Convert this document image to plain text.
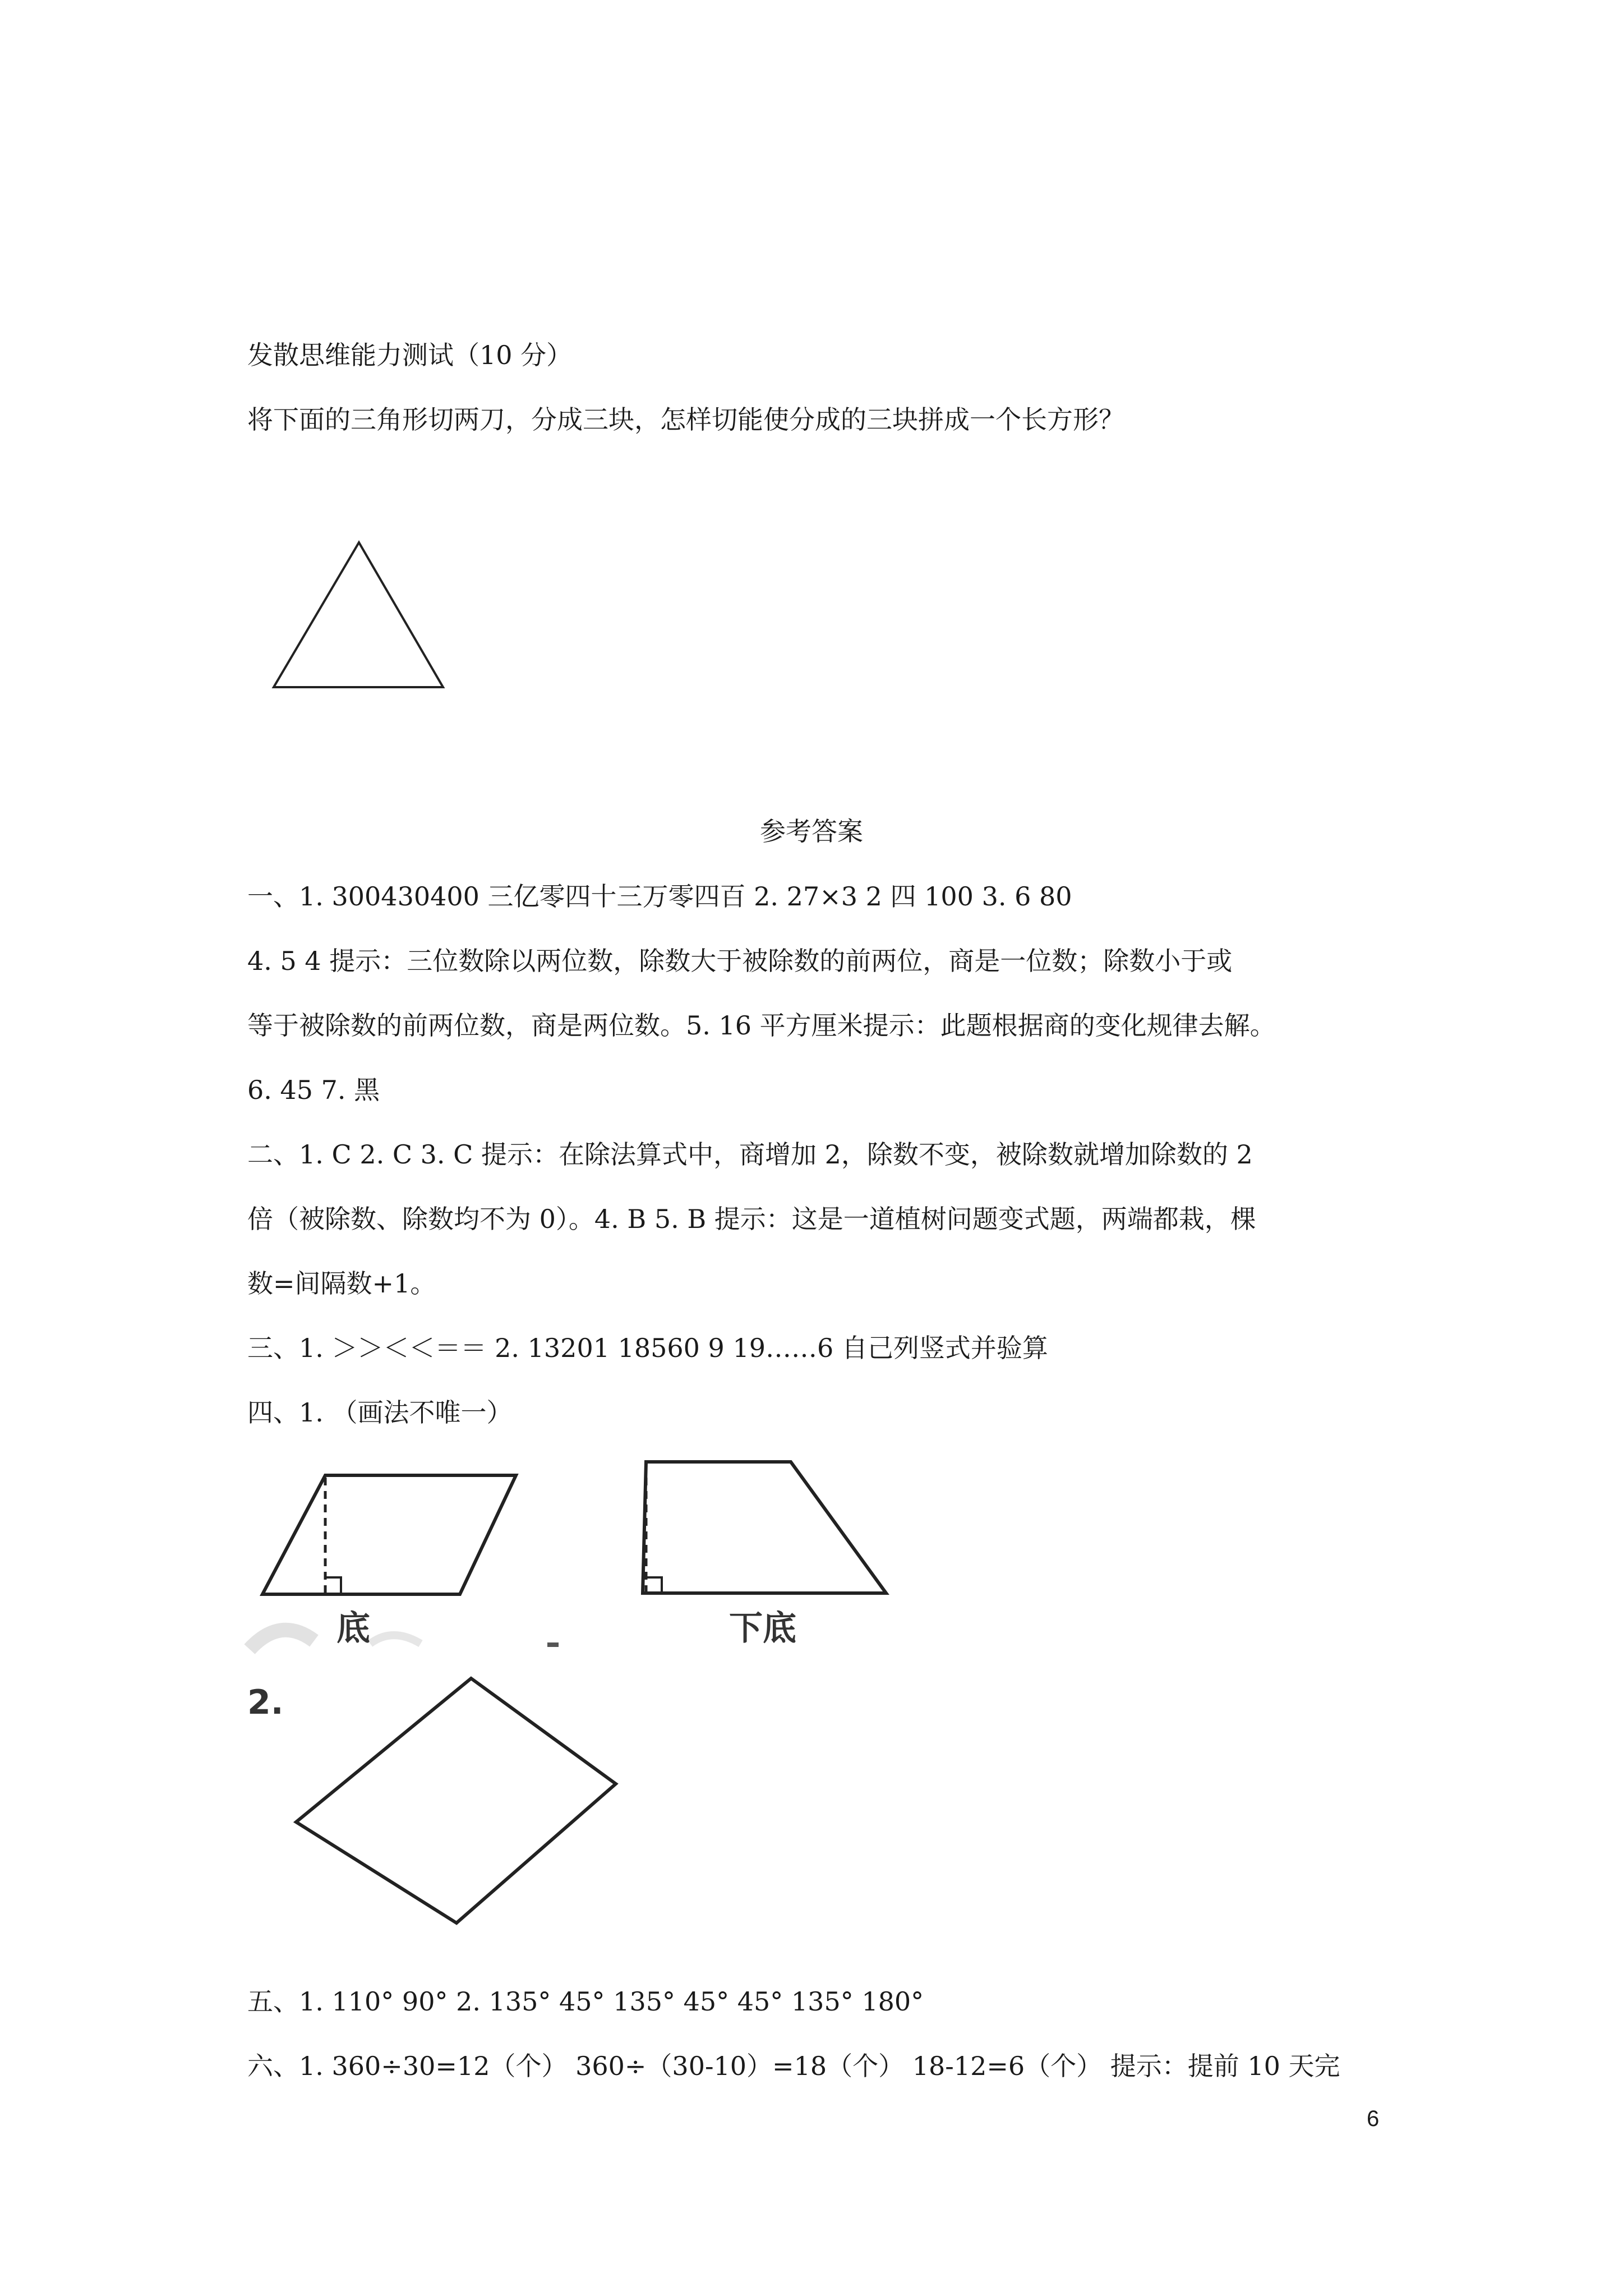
发散思维能力测试（10 分）
将下面的三角形切两刀，分成三块，怎样切能使分成的三块拼成一个长方形？
参考答案
一、1. 300430400 三亿零四十三万零四百 2. 27×3 2 四 100 3. 6 80
4. 5 4 提示：三位数除以两位数，除数大于被除数的前两位，商是一位数；除数小于或
等于被除数的前两位数，商是两位数。5. 16 平方厘米提示：此题根据商的变化规律去解。
6. 45 7. 黑
二、1. C 2. C 3. C 提示：在除法算式中，商增加 2，除数不变，被除数就增加除数的 2
倍（被除数、除数均不为 0）。4. B 5. B 提示：这是一道植树问题变式题，两端都栽，棵
数=间隔数+1。
三、1. ＞＞＜＜＝＝ 2. 13201 18560 9 19……6 自己列竖式并验算
四、1. （画法不唯一）
底	下底
2.
五、1. 110° 90° 2. 135° 45° 135° 45° 45° 135° 180°
六、1. 360÷30=12（个） 360÷（30-10）=18（个） 18-12=6（个） 提示：提前 10 天完
6
